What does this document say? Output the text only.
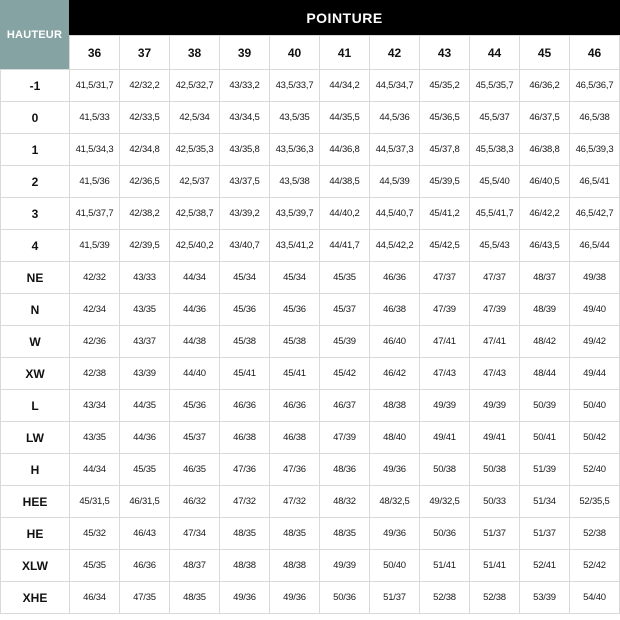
HAUTEUR
POINTURE
	36	37	38	39	40	41	42	43	44	45	46
-1	41,5/31,7	42/32,2	42,5/32,7	43/33,2	43,5/33,7	44/34,2	44,5/34,7	45/35,2	45,5/35,7	46/36,2	46,5/36,7
0	41,5/33	42/33,5	42,5/34	43/34,5	43,5/35	44/35,5	44,5/36	45/36,5	45,5/37	46/37,5	46,5/38
1	41,5/34,3	42/34,8	42,5/35,3	43/35,8	43,5/36,3	44/36,8	44,5/37,3	45/37,8	45,5/38,3	46/38,8	46,5/39,3
2	41,5/36	42/36,5	42,5/37	43/37,5	43,5/38	44/38,5	44,5/39	45/39,5	45,5/40	46/40,5	46,5/41
3	41,5/37,7	42/38,2	42,5/38,7	43/39,2	43,5/39,7	44/40,2	44,5/40,7	45/41,2	45,5/41,7	46/42,2	46,5/42,7
4	41,5/39	42/39,5	42,5/40,2	43/40,7	43,5/41,2	44/41,7	44,5/42,2	45/42,5	45,5/43	46/43,5	46,5/44
NE	42/32	43/33	44/34	45/34	45/34	45/35	46/36	47/37	47/37	48/37	49/38
N	42/34	43/35	44/36	45/36	45/36	45/37	46/38	47/39	47/39	48/39	49/40
W	42/36	43/37	44/38	45/38	45/38	45/39	46/40	47/41	47/41	48/42	49/42
XW	42/38	43/39	44/40	45/41	45/41	45/42	46/42	47/43	47/43	48/44	49/44
L	43/34	44/35	45/36	46/36	46/36	46/37	48/38	49/39	49/39	50/39	50/40
LW	43/35	44/36	45/37	46/38	46/38	47/39	48/40	49/41	49/41	50/41	50/42
H	44/34	45/35	46/35	47/36	47/36	48/36	49/36	50/38	50/38	51/39	52/40
HEE	45/31,5	46/31,5	46/32	47/32	47/32	48/32	48/32,5	49/32,5	50/33	51/34	52/35,5
HE	45/32	46/43	47/34	48/35	48/35	48/35	49/36	50/36	51/37	51/37	52/38
XLW	45/35	46/36	48/37	48/38	48/38	49/39	50/40	51/41	51/41	52/41	52/42
XHE	46/34	47/35	48/35	49/36	49/36	50/36	51/37	52/38	52/38	53/39	54/40
